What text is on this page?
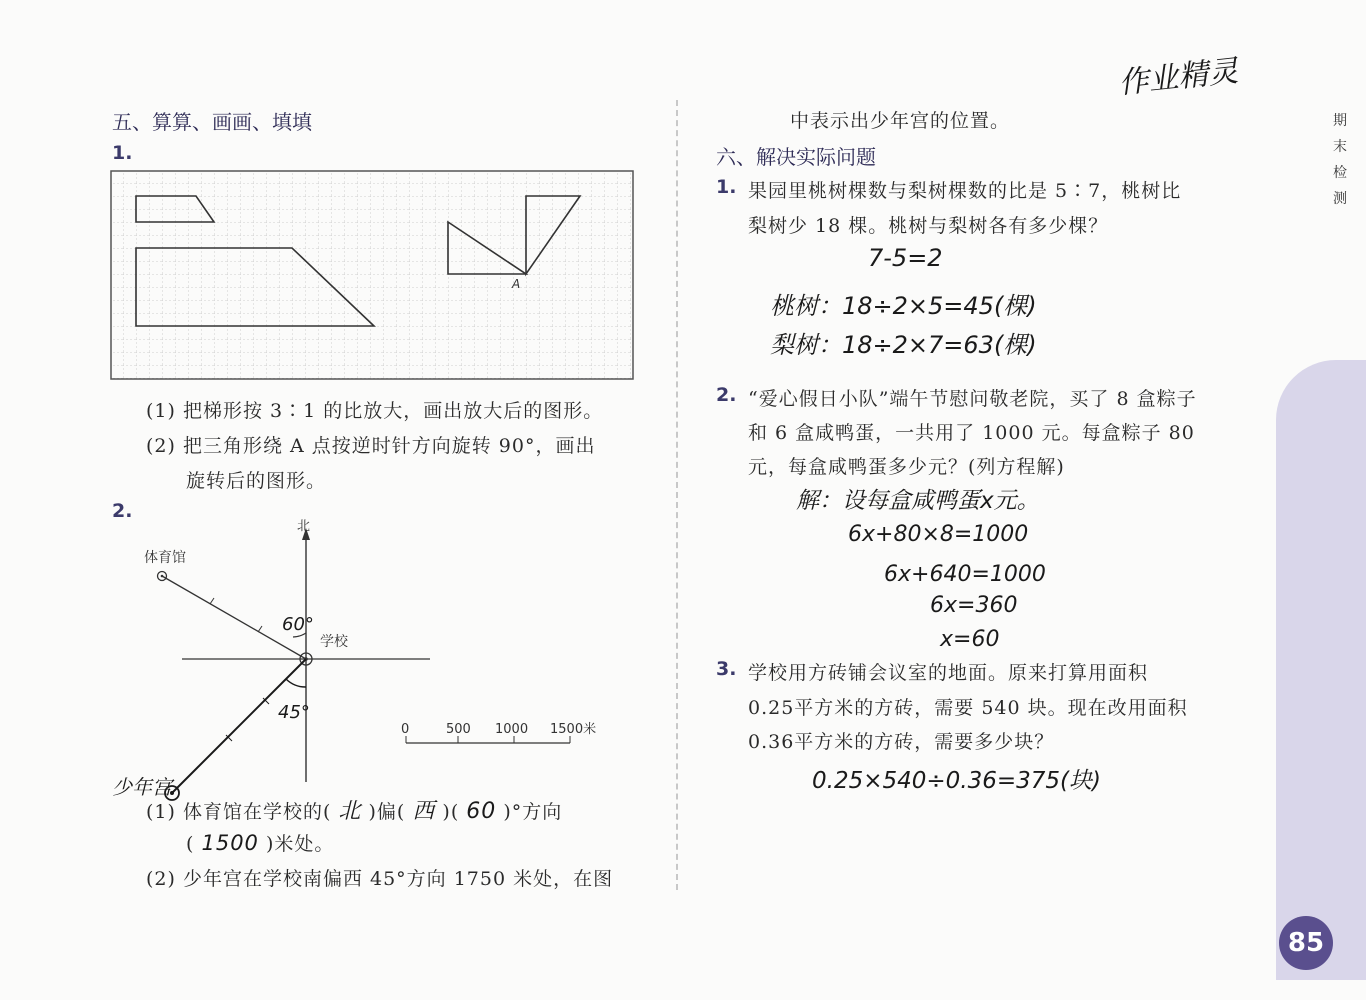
期
末
检
测
作业精灵
五、算算、画画、填填
1.
A
(1) 把梯形按 3∶1 的比放大，画出放大后的图形。
(2) 把三角形绕 A 点按逆时针方向旋转 90°，画出
旋转后的图形。
2.
北
学校
体育馆
60°
45°
0	500 1000 1500米
少年宫
(1) 体育馆在学校的( 北 )偏( 西 )( 60 )°方向
( 1500 )米处。
(2) 少年宫在学校南偏西 45°方向 1750 米处，在图
中表示出少年宫的位置。
六、解决实际问题
1. 果园里桃树棵数与梨树棵数的比是 5∶7，桃树比
梨树少 18 棵。桃树与梨树各有多少棵？
7-5=2
桃树：18÷2×5=45(棵)
梨树：18÷2×7=63(棵)
2. “爱心假日小队”端午节慰问敬老院，买了 8 盒粽子
和 6 盒咸鸭蛋，一共用了 1000 元。每盒粽子 80
元，每盒咸鸭蛋多少元？(列方程解)
解：设每盒咸鸭蛋x元。
6x+80×8=1000
6x+640=1000
6x=360
x=60
3. 学校用方砖铺会议室的地面。原来打算用面积
0.25平方米的方砖，需要 540 块。现在改用面积
0.36平方米的方砖，需要多少块？
0.25×540÷0.36=375(块)
85
